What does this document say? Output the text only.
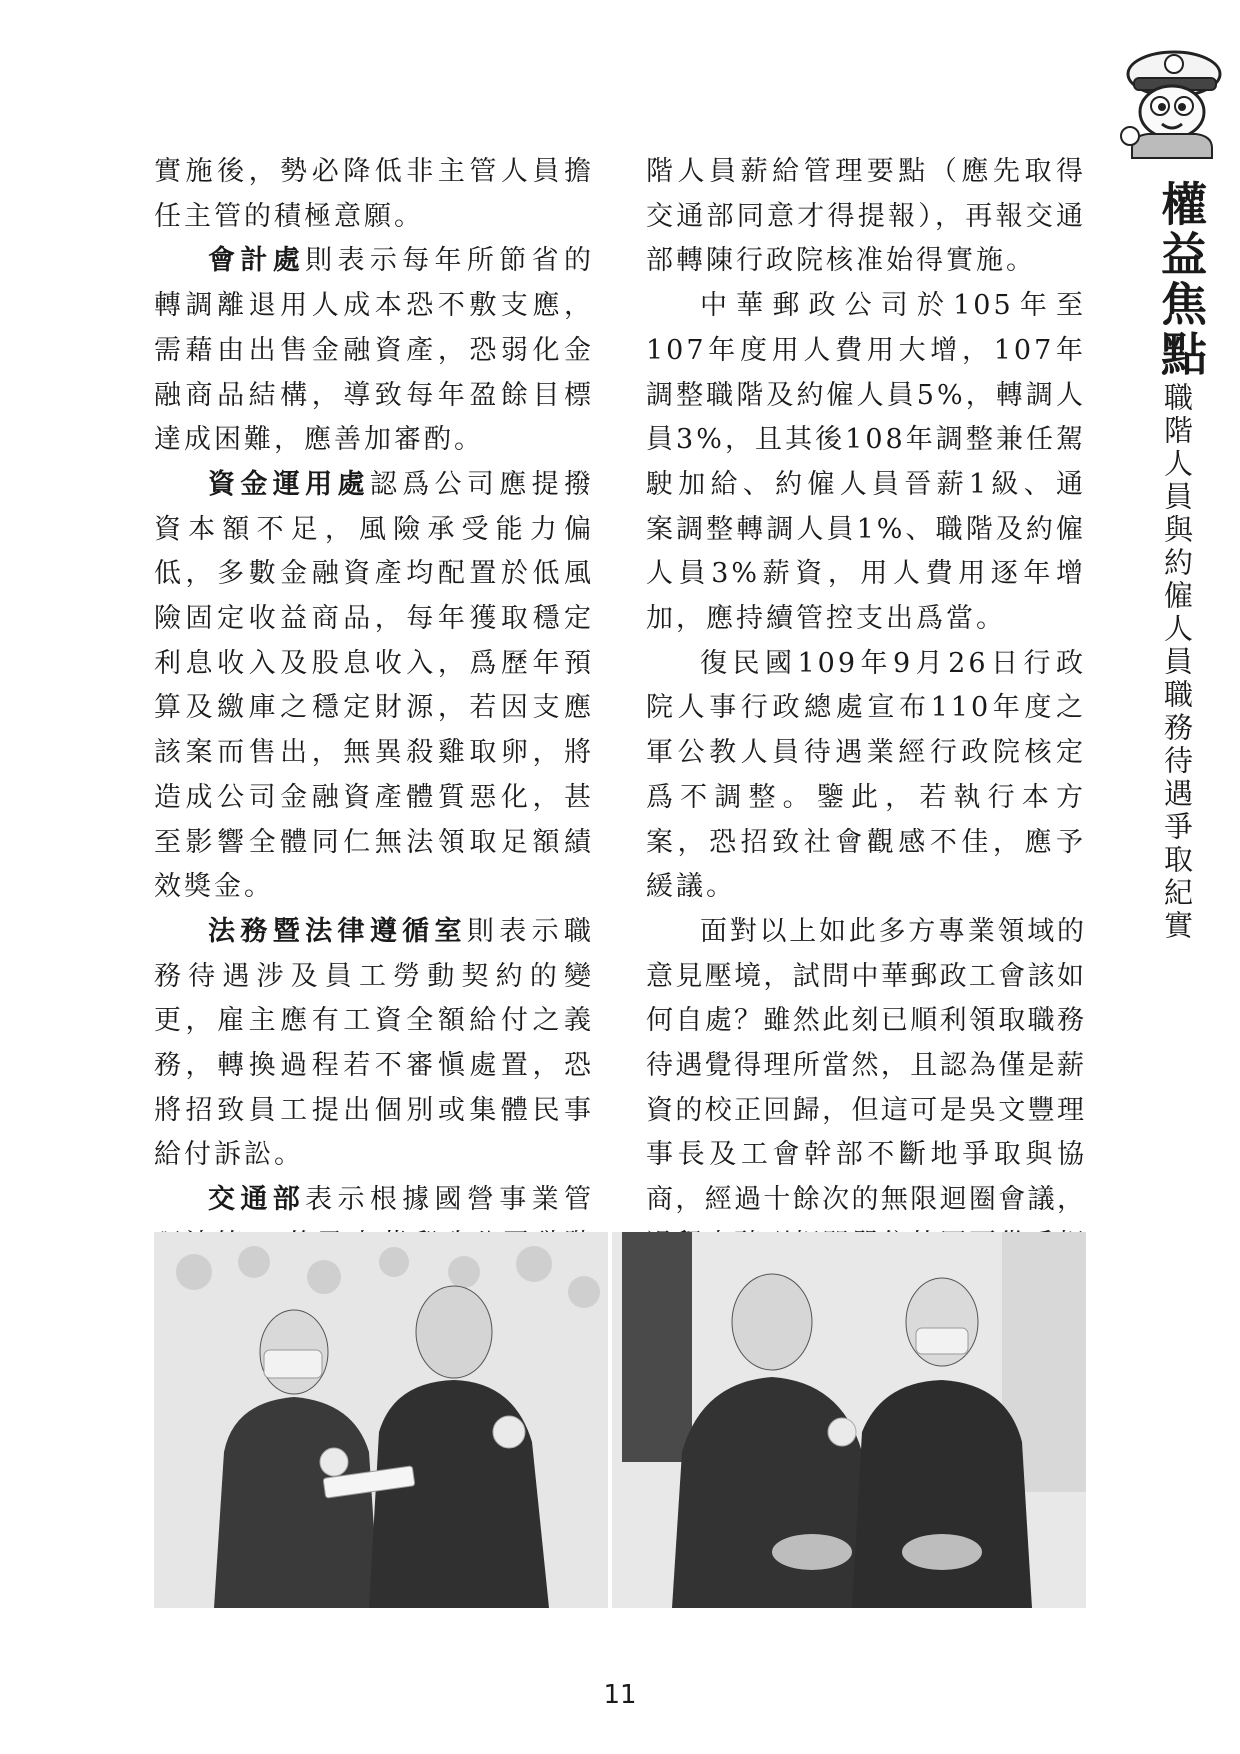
權益焦點
職階人員與約僱人員職務待遇爭取紀實

實施後，勢必降低非主管人員擔任主管的積極意願。

會計處則表示每年所節省的轉調離退用人成本恐不敷支應，需藉由出售金融資產，恐弱化金融商品結構，導致每年盈餘目標達成困難，應善加審酌。

資金運用處認爲公司應提撥資本額不足，風險承受能力偏低，多數金融資產均配置於低風險固定收益商品，每年獲取穩定利息收入及股息收入，爲歷年預算及繳庫之穩定財源，若因支應該案而售出，無異殺雞取卵，將造成公司金融資產體質惡化，甚至影響全體同仁無法領取足額績效獎金。

法務暨法律遵循室則表示職務待遇涉及員工勞動契約的變更，雇主應有工資全額給付之義務，轉換過程若不審愼處置，恐將招致員工提出個別或集體民事給付訴訟。

交通部表示根據國營事業管

階人員薪給管理要點（應先取得交通部同意才得提報），再報交通部轉陳行政院核准始得實施。

中華郵政公司於105年至107年度用人費用大增，107年調整職階及約僱人員5%，轉調人員3%，且其後108年調整兼任駕駛加給、約僱人員晉薪1級、通案調整轉調人員1%、職階及約僱人員3%薪資，用人費用逐年增加，應持續管控支出爲當。

復民國109年9月26日行政院人事行政總處宣布110年度之軍公教人員待遇業經行政院核定爲不調整。鑒此，若執行本方案，恐招致社會觀感不佳，應予緩議。

面對以上如此多方專業領域的意見壓境，試問中華郵政工會該如何自處？雖然此刻已順利領取職務待遇覺得理所當然，且認為僅是薪資的校正回歸，但這可是吳文豐理事長及工會幹部不斷地爭取與協商，經過十餘次的無限迴圈會議，

11
